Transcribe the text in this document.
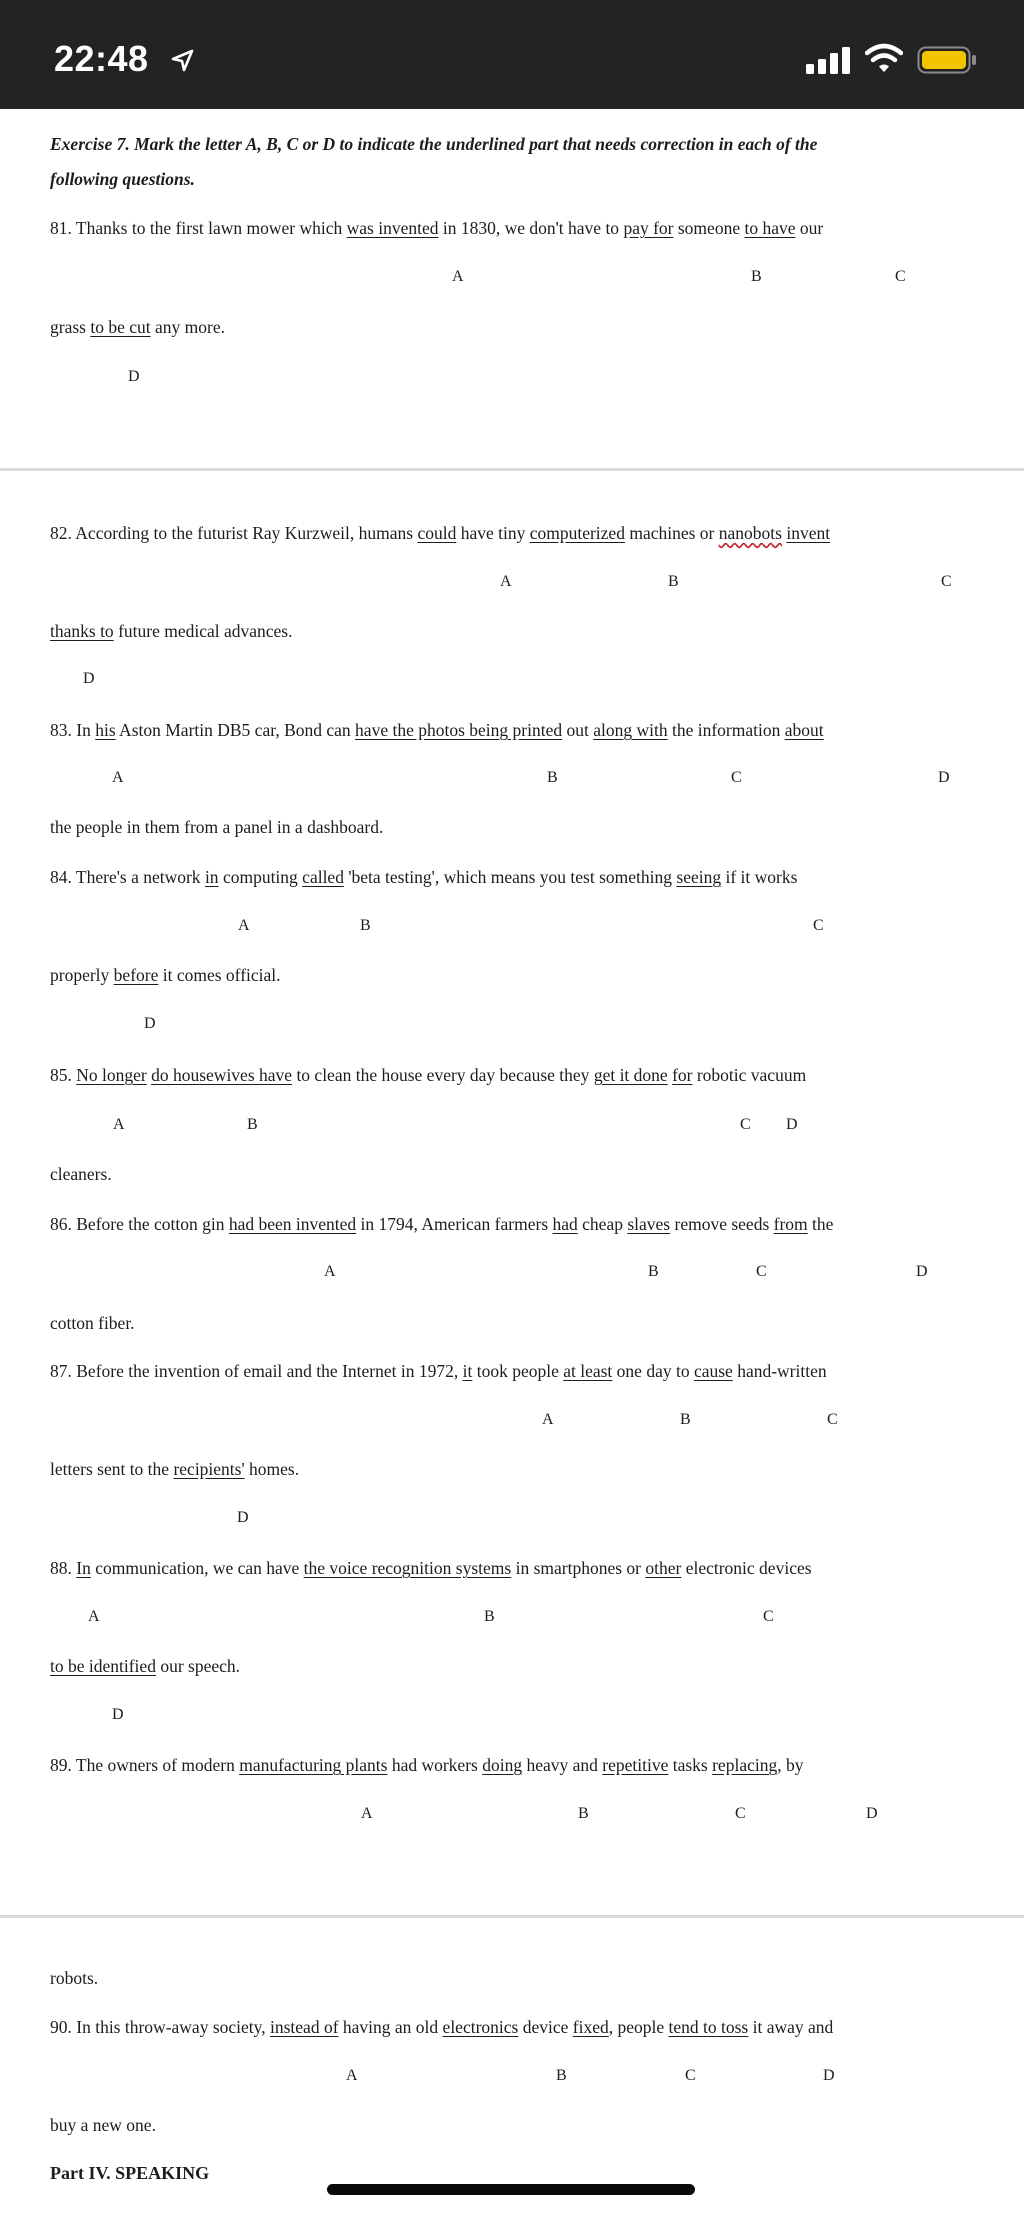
22:48
Exercise 7. Mark the letter A, B, C or D to indicate the underlined part that needs correction in each of the
following questions.
81. Thanks to the first lawn mower which was invented in 1830, we don't have to pay for someone to have our
A	B	C
grass to be cut any more.
D
82. According to the futurist Ray Kurzweil, humans could have tiny computerized machines or nanobots invent
A	B	C
thanks to future medical advances.
D
83. In his Aston Martin DB5 car, Bond can have the photos being printed out along with the information about
A	B	C	D
the people in them from a panel in a dashboard.
84. There's a network in computing called 'beta testing', which means you test something seeing if it works
A	B	C
properly before it comes official.
D
85. No longer do housewives have to clean the house every day because they get it done for robotic vacuum
A	B	C D
cleaners.
86. Before the cotton gin had been invented in 1794, American farmers had cheap slaves remove seeds from the
A	B	C	D
cotton fiber.
87. Before the invention of email and the Internet in 1972, it took people at least one day to cause hand-written
A	B	C
letters sent to the recipients' homes.
D
88. In communication, we can have the voice recognition systems in smartphones or other electronic devices
A	B	C
to be identified our speech.
D
89. The owners of modern manufacturing plants had workers doing heavy and repetitive tasks replacing, by
A	B	C	D
robots.
90. In this throw-away society, instead of having an old electronics device fixed, people tend to toss it away and
A	B	C	D
buy a new one.
Part IV. SPEAKING
